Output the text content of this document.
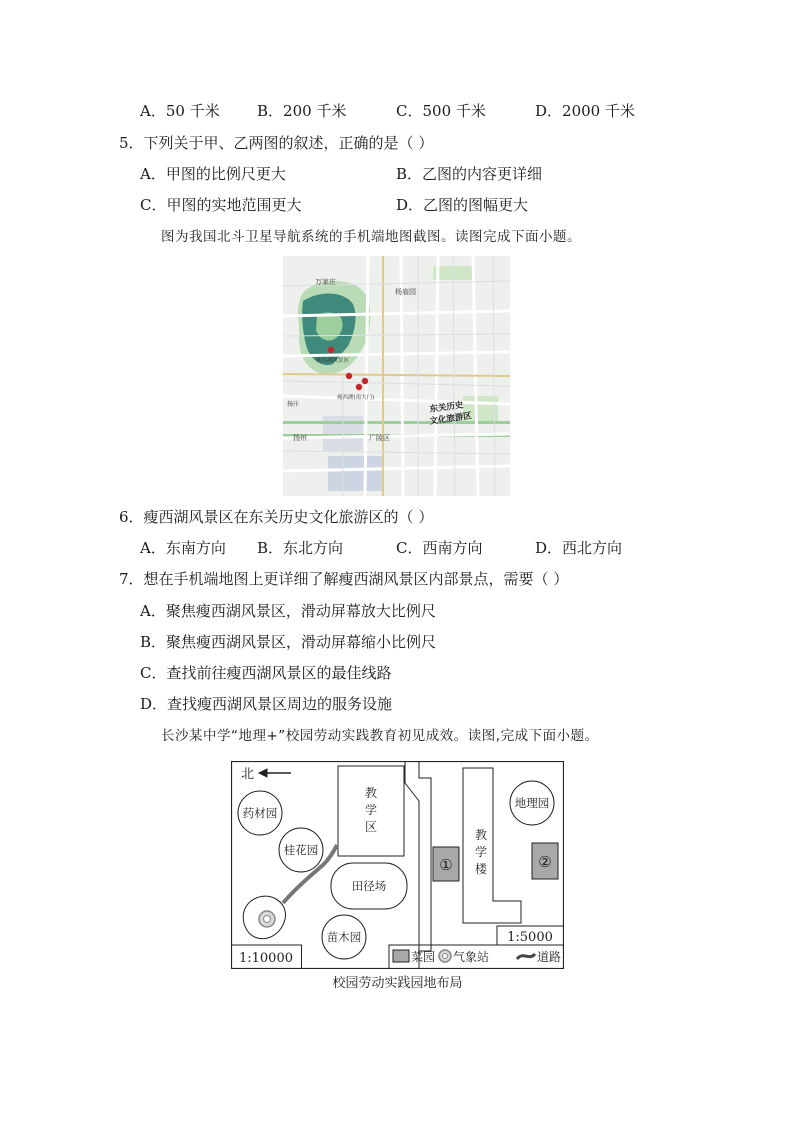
A．50 千米 B．200 千米	C．500 千米	D．2000 千米
5．下列关于甲、乙两图的叙述，正确的是（ ）
A．甲图的比例尺更大	B．乙图的内容更详细
C．甲图的实地范围更大	D．乙图的图幅更大
图为我国北斗卫星导航系统的手机端地图截图。读图完成下面小题。
万家庄
杨庙园
瘦西湖风景区
瘦西湖(南大门)
东关历史
文化旅游区
扬州	广陵区
扬庄
6．瘦西湖风景区在东关历史文化旅游区的（ ）
A．东南方向 B．东北方向	C．西南方向	D．西北方向
7．想在手机端地图上更详细了解瘦西湖风景区内部景点，需要（ ）
A．聚焦瘦西湖风景区，滑动屏幕放大比例尺
B．聚焦瘦西湖风景区，滑动屏幕缩小比例尺
C．查找前往瘦西湖风景区的最佳线路
D．查找瘦西湖风景区周边的服务设施
长沙某中学“地理+”校园劳动实践教育初见成效。读图,完成下面小题。
北
教
学
区
药材园
桂花园
田径场
苗木园
教
学
楼
地理园
①	②
1:10000
1:5000
菜园 气象站	道路
校园劳动实践园地布局
